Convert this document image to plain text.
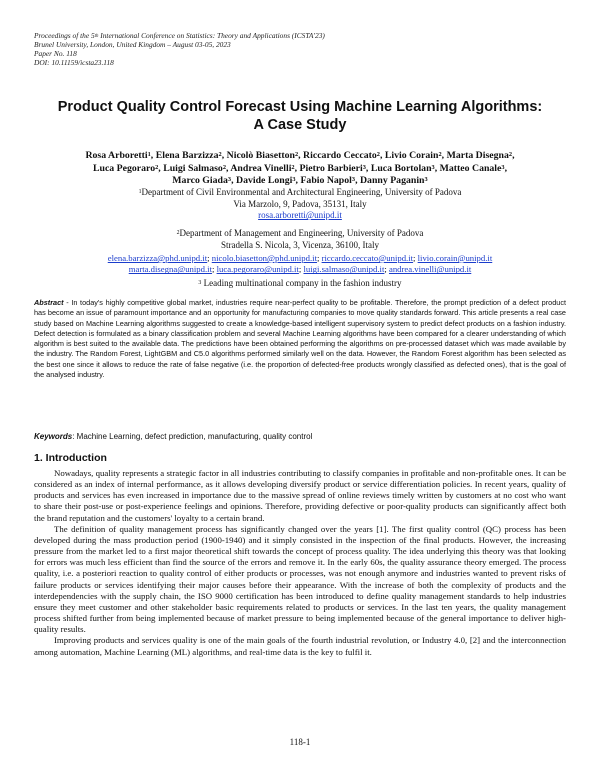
Proceedings of the 5th International Conference on Statistics: Theory and Applications (ICSTA'23)
Brunel University, London, United Kingdom – August 03-05, 2023
Paper No. 118
DOI: 10.11159/icsta23.118
Product Quality Control Forecast Using Machine Learning Algorithms:
A Case Study
Rosa Arboretti$^1$, Elena Barzizza$^2$, Nicolò Biasetton$^2$, Riccardo Ceccato$^2$, Livio Corain$^2$, Marta Disegna$^2$,
Luca Pegoraro$^2$, Luigi Salmaso$^2$, Andrea Vinelli$^2$, Pietro Barbieri$^3$, Luca Bortolan$^3$, Matteo Canale$^3$,
Marco Giada$^3$, Davide Longi$^3$, Fabio Napol$^3$, Danny Paganin$^3$
$^1$Department of Civil Environmental and Architectural Engineering, University of Padova
Via Marzolo, 9, Padova, 35131, Italy
rosa.arboretti@unipd.it
$^2$Department of Management and Engineering, University of Padova
Stradella S. Nicola, 3, Vicenza, 36100, Italy
elena.barzizza@phd.unipd.it; nicolo.biasetton@phd.unipd.it; riccardo.ceccato@unipd.it; livio.corain@unipd.it
marta.disegna@unipd.it; luca.pegoraro@unipd.it; luigi.salmaso@unipd.it; andrea.vinelli@unipd.it
$^3$ Leading multinational company in the fashion industry
Abstract - In today's highly competitive global market, industries require near-perfect quality to be profitable. Therefore, the prompt prediction of a defect product has become an issue of paramount importance and an opportunity for manufacturing companies to move quality standards forward. This article presents a real case study based on Machine Learning algorithms suggested to create a knowledge-based intelligent supervisory system to predict defect products on a fashion industry. Defect detection is formulated as a binary classification problem and several Machine Learning algorithms have been compared for a clearer understanding of which algorithm is best suited to the available data. The predictions have been obtained performing the algorithms on pre-processed dataset which was made available by the industry. The Random Forest, LightGBM and C5.0 algorithms performed similarly well on the data. However, the Random Forest algorithm has been selected as the best one since it allows to reduce the rate of false negative (i.e. the proportion of defected-free products wrongly classified as defected ones), that is the goal of the analysed industry.
Keywords: Machine Learning, defect prediction, manufacturing, quality control
1. Introduction

Nowadays, quality represents a strategic factor in all industries contributing to classify companies in profitable and non-profitable ones. It can be considered as an index of internal performance, as it allows developing diversify product or service differentiation policies. In recent years, quality of products and services has even increased in importance due to the massive spread of online reviews timely written by customers at no cost who want to share their post-use or post-experience feelings and opinions. Therefore, providing defective or poor-quality products can significantly affect both the brand reputation and the customers' loyalty to a certain brand.

The definition of quality management process has significantly changed over the years [1]. The first quality control (QC) process has been developed during the mass production period (1900-1940) and it simply consisted in the inspection of the final products. However, the increasing pressure from the market led to a first major theoretical shift towards the concept of process quality. The idea underlying this theory was that looking for errors was much less efficient than find the source of the errors and remove it. In the early 60s, the quality assurance theory emerged. The process quality, i.e. a posteriori reaction to quality control of either products or processes, was not enough anymore and industries wanted to prevent risks of failure products or services identifying their major causes before their appearance. With the increase of both the complexity of products and the interdependencies with the supply chain, the ISO 9000 certification has been introduced to define quality management standards to help industries ensure they meet customer and other stakeholder basic requirements related to products or services. In the last ten years, the quality management process shifted further from being implemented because of market pressure to being implemented because of the general importance to deliver high-quality results.

Improving products and services quality is one of the main goals of the fourth industrial revolution, or Industry 4.0, [2] and the interconnection among automation, Machine Learning (ML) algorithms, and real-time data is the key to fulfil it.

118-1
